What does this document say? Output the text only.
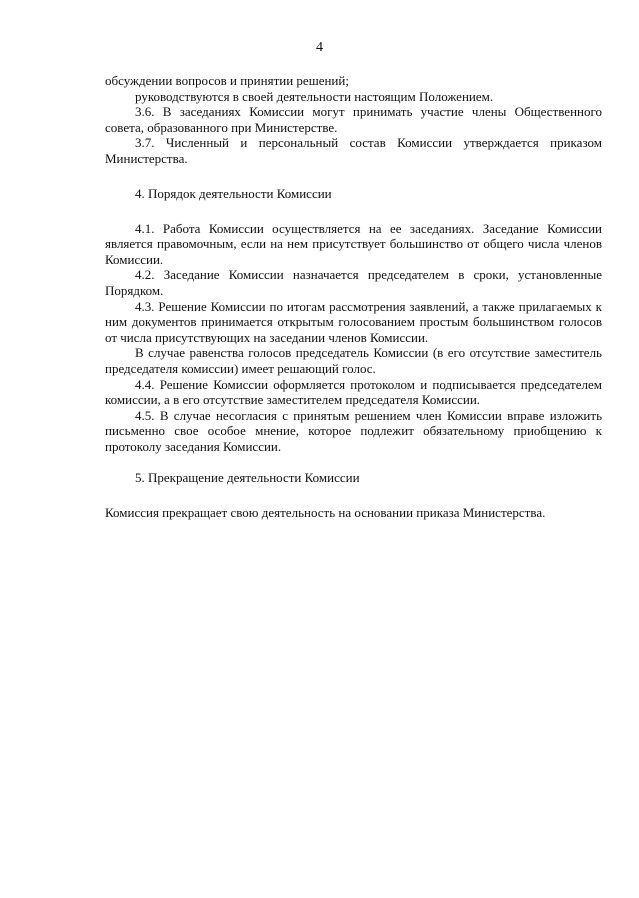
4

обсуждении вопросов и принятии решений;

руководствуются в своей деятельности настоящим Положением.

3.6. В заседаниях Комиссии могут принимать участие члены Общественного совета, образованного при Министерстве.

3.7. Численный и персональный состав Комиссии утверждается приказом Министерства.

4. Порядок деятельности Комиссии

4.1. Работа Комиссии осуществляется на ее заседаниях. Заседание Комиссии является правомочным, если на нем присутствует большинство от общего числа членов Комиссии.

4.2. Заседание Комиссии назначается председателем в сроки, установленные Порядком.

4.3. Решение Комиссии по итогам рассмотрения заявлений, а также прилагаемых к ним документов принимается открытым голосованием простым большинством голосов от числа присутствующих на заседании членов Комиссии.

В случае равенства голосов председатель Комиссии (в его отсутствие заместитель председателя комиссии) имеет решающий голос.

4.4. Решение Комиссии оформляется протоколом и подписывается председателем комиссии, а в его отсутствие заместителем председателя Комиссии.

4.5. В случае несогласия с принятым решением член Комиссии вправе изложить письменно свое особое мнение, которое подлежит обязательному приобщению к протоколу заседания Комиссии.

5. Прекращение деятельности Комиссии

Комиссия прекращает свою деятельность на основании приказа Министерства.
